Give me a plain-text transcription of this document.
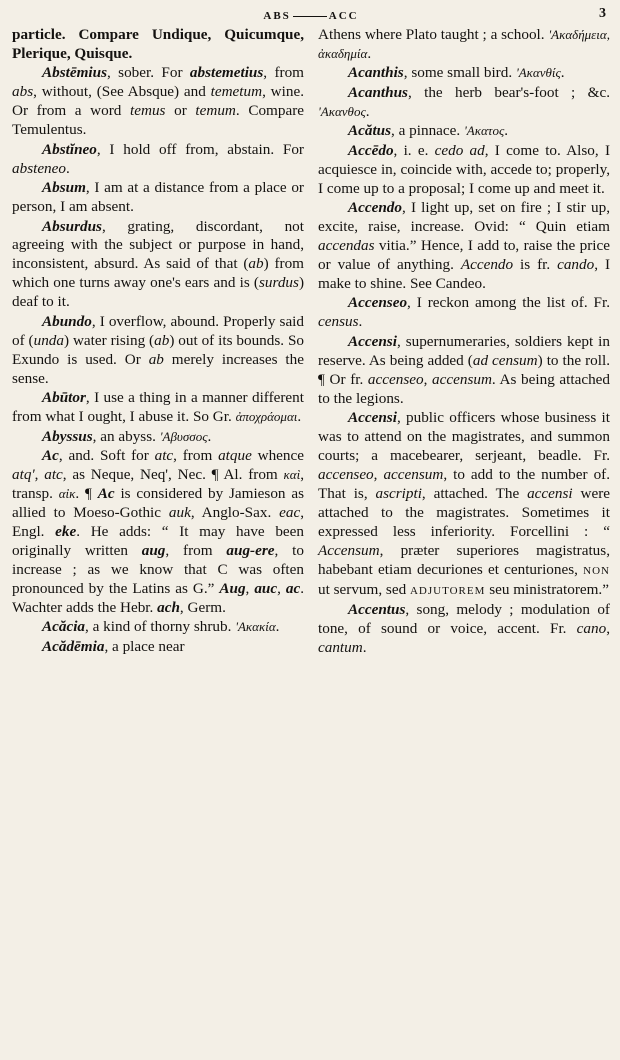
ABS	ACC	3

particle. Compare Undique, Quicumque, Plerique, Quisque.

Abstēmius, sober. For abstemetius, from abs, without, (See Absque) and temetum, wine. Or from a word temus or temum. Compare Temulentus.

Abstĭneo, I hold off from, abstain. For absteneo.

Absum, I am at a distance from a place or person, I am absent.

Absurdus, grating, discordant, not agreeing with the subject or purpose in hand, inconsistent, absurd. As said of that (ab) from which one turns away one's ears and is (surdus) deaf to it.

Abundo, I overflow, abound. Properly said of (unda) water rising (ab) out of its bounds. So Exundo is used. Or ab merely increases the sense.

Abūtor, I use a thing in a manner different from what I ought, I abuse it. So Gr. ἀποχράομαι.

Abyssus, an abyss. 'Αβυσσος.

Ac, and. Soft for atc, from atque whence atq', atc, as Neque, Neq', Nec. ¶ Al. from καὶ, transp. αἰκ. ¶ Ac is considered by Jamieson as allied to Moeso-Gothic auk, Anglo-Sax. eac, Engl. eke. He adds: “ It may have been originally written aug, from aug-ere, to increase ; as we know that C was often pronounced by the Latins as G.” Aug, auc, ac. Wachter adds the Hebr. ach, Germ.

Acăcia, a kind of thorny shrub. 'Ακακία.

Acădēmia, a place near

Athens where Plato taught ; a school. 'Ακαδήμεια, ἀκαδημία.

Acanthis, some small bird. 'Ακανθίς.

Acanthus, the herb bear's-foot ; &c. 'Ακανθος.

Acătus, a pinnace. 'Ακατος.

Accēdo, i. e. cedo ad, I come to. Also, I acquiesce in, coincide with, accede to; properly, I come up to a proposal; I come up and meet it.

Accendo, I light up, set on fire ; I stir up, excite, raise, increase. Ovid: “ Quin etiam accendas vitia.” Hence, I add to, raise the price or value of anything. Accendo is fr. cando, I make to shine. See Candeo.

Accenseo, I reckon among the list of. Fr. census.

Accensi, supernumeraries, soldiers kept in reserve. As being added (ad censum) to the roll. ¶ Or fr. accenseo, accensum. As being attached to the legions.

Accensi, public officers whose business it was to attend on the magistrates, and summon courts; a macebearer, serjeant, beadle. Fr. accenseo, accensum, to add to the number of. That is, ascripti, attached. The accensi were attached to the magistrates. Sometimes it expressed less inferiority. Forcellini : “ Accensum, præter superiores magistratus, habebant etiam decuriones et centuriones, NON ut servum, sed ADJUTOREM seu ministratorem.”

Accentus, song, melody ; modulation of tone, of sound or voice, accent. Fr. cano, cantum.
